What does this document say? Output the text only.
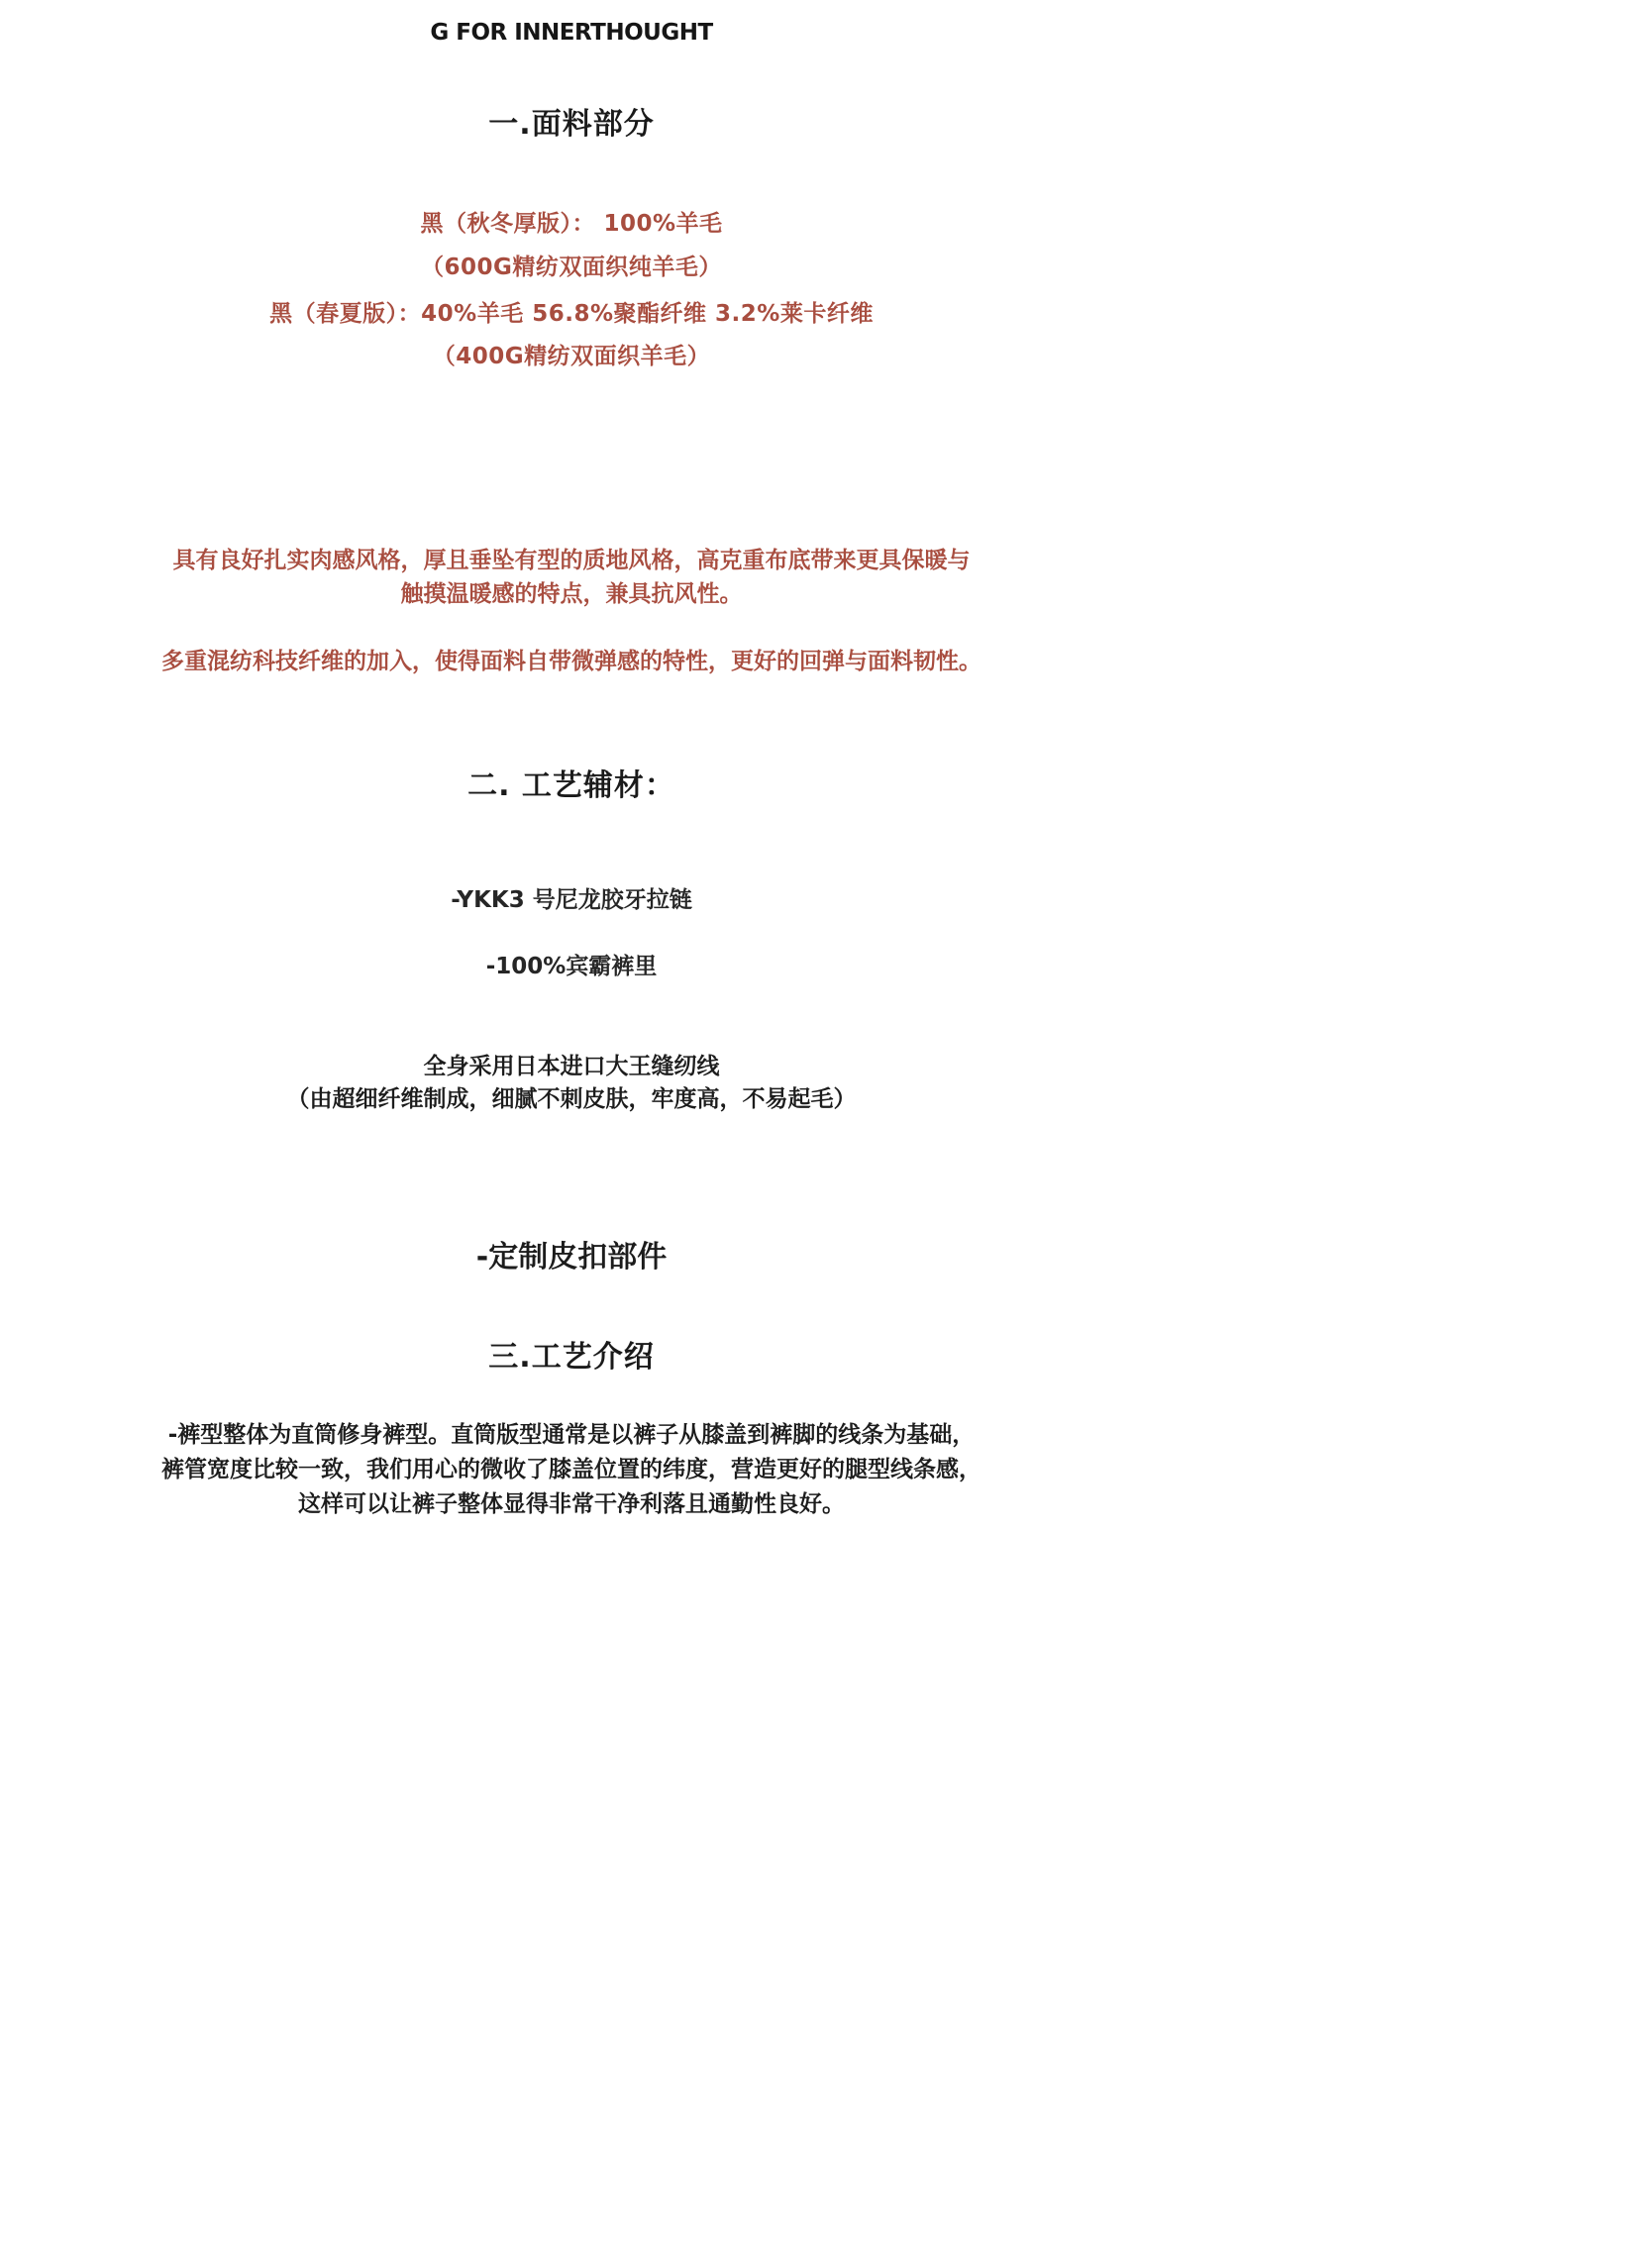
G FOR INNERTHOUGHT
一.面料部分
黑（秋冬厚版）： 100%羊毛
（600G精纺双面织纯羊毛）
黑（春夏版）：40%羊毛 56.8%聚酯纤维 3.2%莱卡纤维
（400G精纺双面织羊毛）
具有良好扎实肉感风格，厚且垂坠有型的质地风格，高克重布底带来更具保暖与
触摸温暖感的特点，兼具抗风性。
多重混纺科技纤维的加入，使得面料自带微弹感的特性，更好的回弹与面料韧性。
二. 工艺辅材：
-YKK3 号尼龙胶牙拉链
-100%宾霸裤里
全身采用日本进口大王缝纫线
（由超细纤维制成，细腻不刺皮肤，牢度高，不易起毛）
-定制皮扣部件
三.工艺介绍
-裤型整体为直筒修身裤型。直筒版型通常是以裤子从膝盖到裤脚的线条为基础，
裤管宽度比较一致，我们用心的微收了膝盖位置的纬度，营造更好的腿型线条感，
这样可以让裤子整体显得非常干净利落且通勤性良好。
